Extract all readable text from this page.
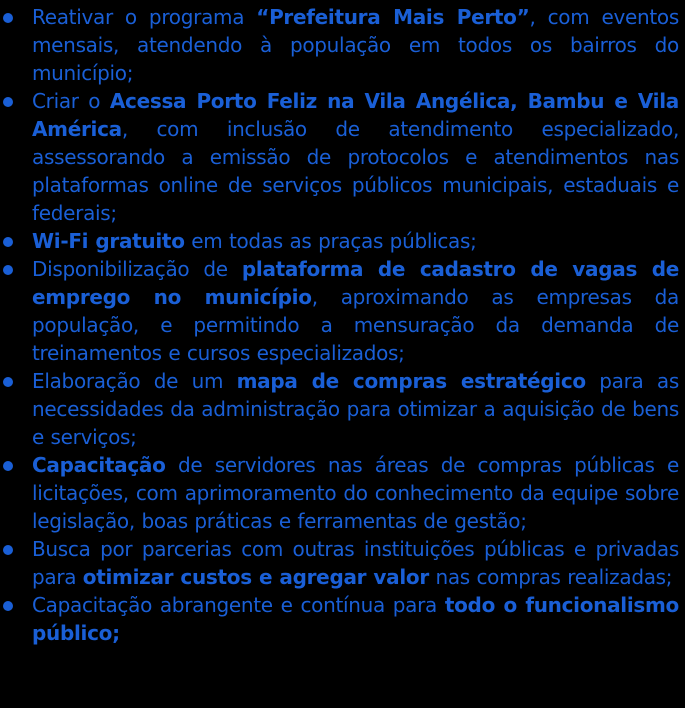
Reativar o programa “Prefeitura Mais Perto”, com eventos mensais, atendendo à população em todos os bairros do município;
Criar o Acessa Porto Feliz na Vila Angélica, Bambu e Vila América, com inclusão de atendimento especializado, assessorando a emissão de protocolos e atendimentos nas plataformas online de serviços públicos municipais, estaduais e federais;
Wi-Fi gratuito em todas as praças públicas;
Disponibilização de plataforma de cadastro de vagas de emprego no município, aproximando as empresas da população, e permitindo a mensuração da demanda de treinamentos e cursos especializados;
Elaboração de um mapa de compras estratégico para as necessidades da administração para otimizar a aquisição de bens e serviços;
Capacitação de servidores nas áreas de compras públicas e licitações, com aprimoramento do conhecimento da equipe sobre legislação, boas práticas e ferramentas de gestão;
Busca por parcerias com outras instituições públicas e privadas para otimizar custos e agregar valor nas compras realizadas;
Capacitação abrangente e contínua para todo o funcionalismo público;
